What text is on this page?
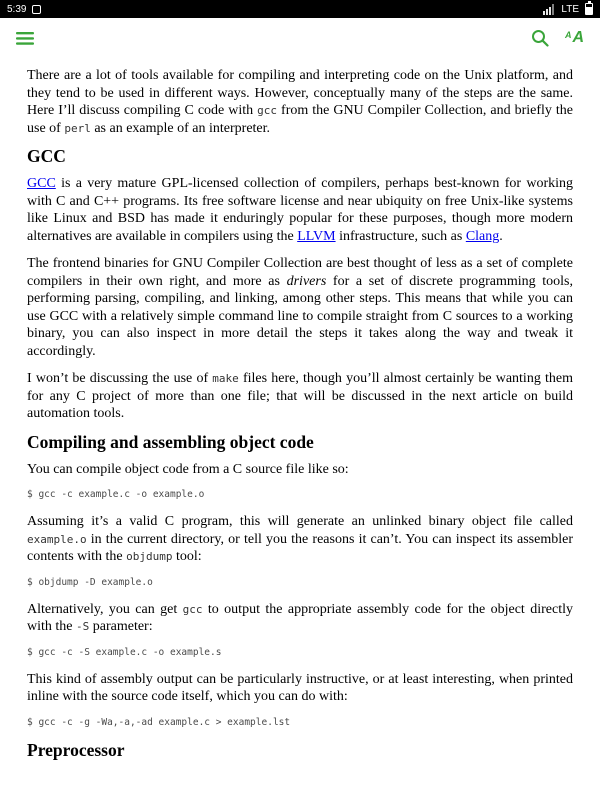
5:39	LTE
A A

There are a lot of tools available for compiling and interpreting code on the Unix platform, and they tend to be used in different ways. However, conceptually many of the steps are the same. Here I’ll discuss compiling C code with gcc from the GNU Compiler Collection, and briefly the use of perl as an example of an interpreter.

GCC

GCC is a very mature GPL-licensed collection of compilers, perhaps best-known for working with C and C++ programs. Its free software license and near ubiquity on free Unix-like systems like Linux and BSD has made it enduringly popular for these purposes, though more modern alternatives are available in compilers using the LLVM infrastructure, such as Clang.

The frontend binaries for GNU Compiler Collection are best thought of less as a set of complete compilers in their own right, and more as drivers for a set of discrete programming tools, performing parsing, compiling, and linking, among other steps. This means that while you can use GCC with a relatively simple command line to compile straight from C sources to a working binary, you can also inspect in more detail the steps it takes along the way and tweak it accordingly.

I won’t be discussing the use of make files here, though you’ll almost certainly be wanting them for any C project of more than one file; that will be discussed in the next article on build automation tools.

Compiling and assembling object code

You can compile object code from a C source file like so:

$ gcc -c example.c -o example.o

Assuming it’s a valid C program, this will generate an unlinked binary object file called example.o in the current directory, or tell you the reasons it can’t. You can inspect its assembler contents with the objdump tool:

$ objdump -D example.o

Alternatively, you can get gcc to output the appropriate assembly code for the object directly with the -S parameter:

$ gcc -c -S example.c -o example.s

This kind of assembly output can be particularly instructive, or at least interesting, when printed inline with the source code itself, which you can do with:

$ gcc -c -g -Wa,-a,-ad example.c > example.lst
Preprocessor
